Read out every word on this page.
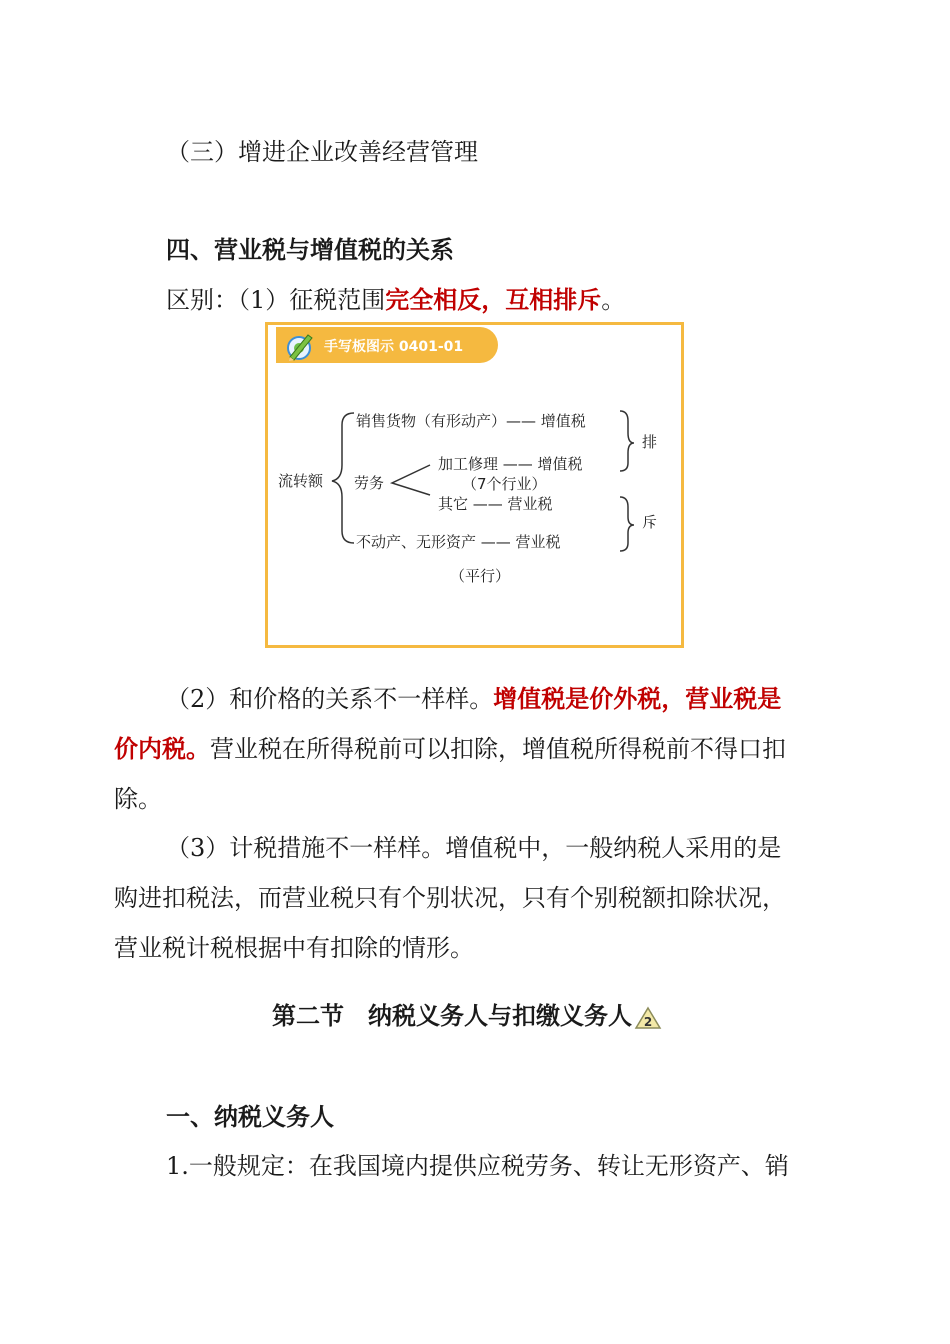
（三）增进企业改善经营管理
四、营业税与增值税的关系
区别：（1）征税范围完全相反，互相排斥。
手写板图示 0401-01
流转额
销售货物（有形动产）—— 增值税
劳务
加工修理 —— 增值税
（7个行业）
其它 —— 营业税
不动产、无形资产 —— 营业税
（平行）
排
斥
（2）和价格的关系不一样样。增值税是价外税，营业税是
价内税。营业税在所得税前可以扣除，增值税所得税前不得口扣
除。
（3）计税措施不一样样。增值税中，一般纳税人采用的是
购进扣税法，而营业税只有个别状况，只有个别税额扣除状况，
营业税计税根据中有扣除的情形。
第二节　纳税义务人与扣缴义务人 2
一、纳税义务人
1.一般规定：在我国境内提供应税劳务、转让无形资产、销
